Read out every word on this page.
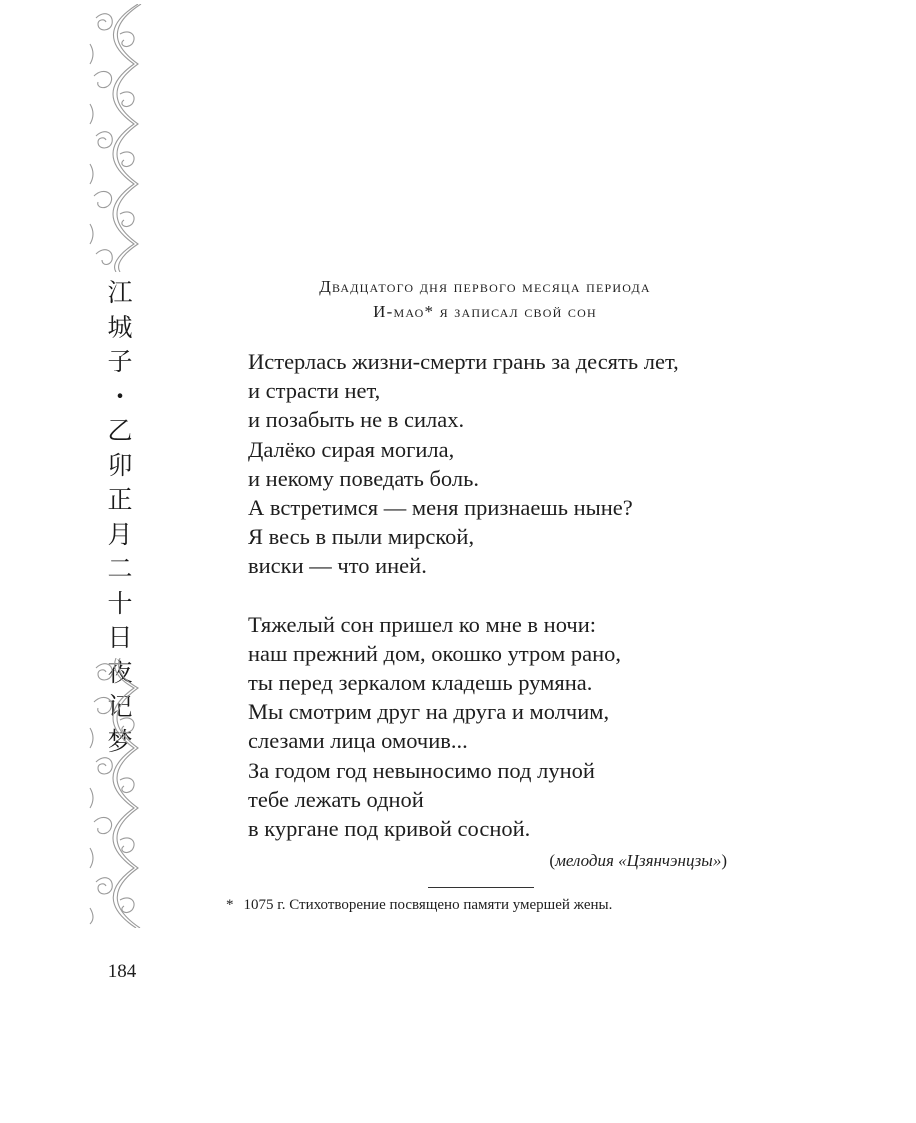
江
城
子
・
乙
卯
正
月
二
十
日
夜
记
梦
Двадцатого дня первого месяца периода
И-мао* я записал свой сон
Истерлась жизни-смерти грань за десять лет,
и страсти нет,
и позабыть не в силах.
Далёко сирая могила,
и некому поведать боль.
А встретимся — меня признаешь ныне?
Я весь в пыли мирской,
виски — что иней.
Тяжелый сон пришел ко мне в ночи:
наш прежний дом, окошко утром рано,
ты перед зеркалом кладешь румяна.
Мы смотрим друг на друга и молчим,
слезами лица омочив...
За годом год невыносимо под луной
тебе лежать одной
в кургане под кривой сосной.
(мелодия «Цзянчэнцзы»)
* 1075 г. Стихотворение посвящено памяти умершей жены.
184
